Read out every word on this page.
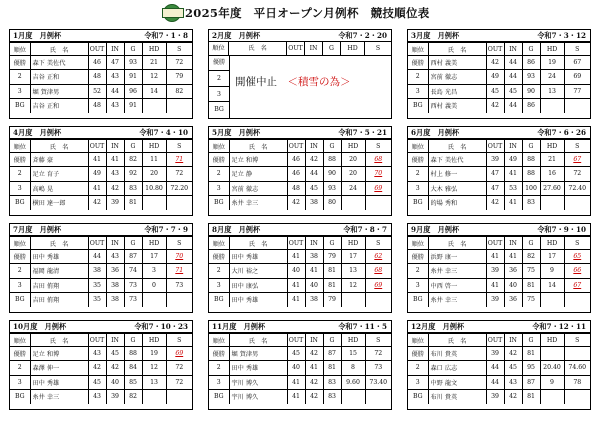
2025年度　平日オープン月例杯　競技順位表
1月度　月例杯	令和7・1・8
順位	氏　名	OUT	IN	G	HD	S
優勝	森下 美佐代	46	47	93	21	72
2	吉谷 正和	48	43	91	12	79
3	堀 賀津男	52	44	96	14	82
BG	吉谷 正和	48	43	91		
2月度　月例杯	令和7・2・20
順位	氏　名	OUT	IN	G	HD	S
優勝
2
3
BG
開催中止　＜積雪の為＞
3月度　月例杯	令和7・3・12
順位	氏　名	OUT	IN	G	HD	S
優勝	西村 義美	42	44	86	19	67
2	宮前 徹志	49	44	93	24	69
3	長島 光昌	45	45	90	13	77
BG	西村 義美	42	44	86		
4月度　月例杯	令和7・4・10
順位	氏　名	OUT	IN	G	HD	S
優勝	斉藤 豪	41	41	82	11	71
2	足立 育子	49	43	92	20	72
3	高嶋 晃	41	42	83	10.80	72.20
BG	横田 達一郎	42	39	81		
5月度　月例杯	令和7・5・21
順位	氏　名	OUT	IN	G	HD	S
優勝	足立 和博	46	42	88	20	68
2	足立 静	46	44	90	20	70
3	宮前 徹志	48	45	93	24	69
BG	糸井 幸三	42	38	80		
6月度　月例杯	令和7・6・26
順位	氏　名	OUT	IN	G	HD	S
優勝	森下 美佐代	39	49	88	21	67
2	村上 修一	47	41	88	16	72
3	大木 雅弘	47	53	100	27.60	72.40
BG	的場 秀和	42	41	83		
7月度　月例杯	令和7・7・9
順位	氏　名	OUT	IN	G	HD	S
優勝	田中 秀雄	44	43	87	17	70
2	福岡 龍清	38	36	74	3	71
3	吉田 侑翔	35	38	73	0	73
BG	吉田 侑翔	35	38	73		
8月度　月例杯	令和7・8・7
順位	氏　名	OUT	IN	G	HD	S
優勝	田中 秀雄	41	38	79	17	62
2	大川 裕之	40	41	81	13	68
3	田中 康弘	41	40	81	12	69
BG	田中 秀雄	41	38	79		
9月度　月例杯	令和7・9・10
順位	氏　名	OUT	IN	G	HD	S
優勝	浜野 康一	41	41	82	17	65
2	糸井 幸三	39	36	75	9	66
3	中西 啓一	41	40	81	14	67
BG	糸井 幸三	39	36	75		
10月度　月例杯	令和7・10・23
順位	氏　名	OUT	IN	G	HD	S
優勝	足立 和博	43	45	88	19	69
2	森澤 伸一	42	42	84	12	72
3	田中 秀雄	45	40	85	13	72
BG	糸井 幸三	43	39	82		
11月度　月例杯	令和7・11・5
順位	氏　名	OUT	IN	G	HD	S
優勝	堀 賀津男	45	42	87	15	72
2	田中 秀雄	40	41	81	8	73
3	宇川 博久	41	42	83	9.60	73.40
BG	宇川 博久	41	42	83		
12月度　月例杯	令和7・12・11
順位	氏　名	OUT	IN	G	HD	S
優勝	布川 貴英	39	42	81		
2	森口 広志	44	45	95	20.40	74.60
3	中野 龍文	44	43	87	9	78
BG	布川 貴英	39	42	81		
